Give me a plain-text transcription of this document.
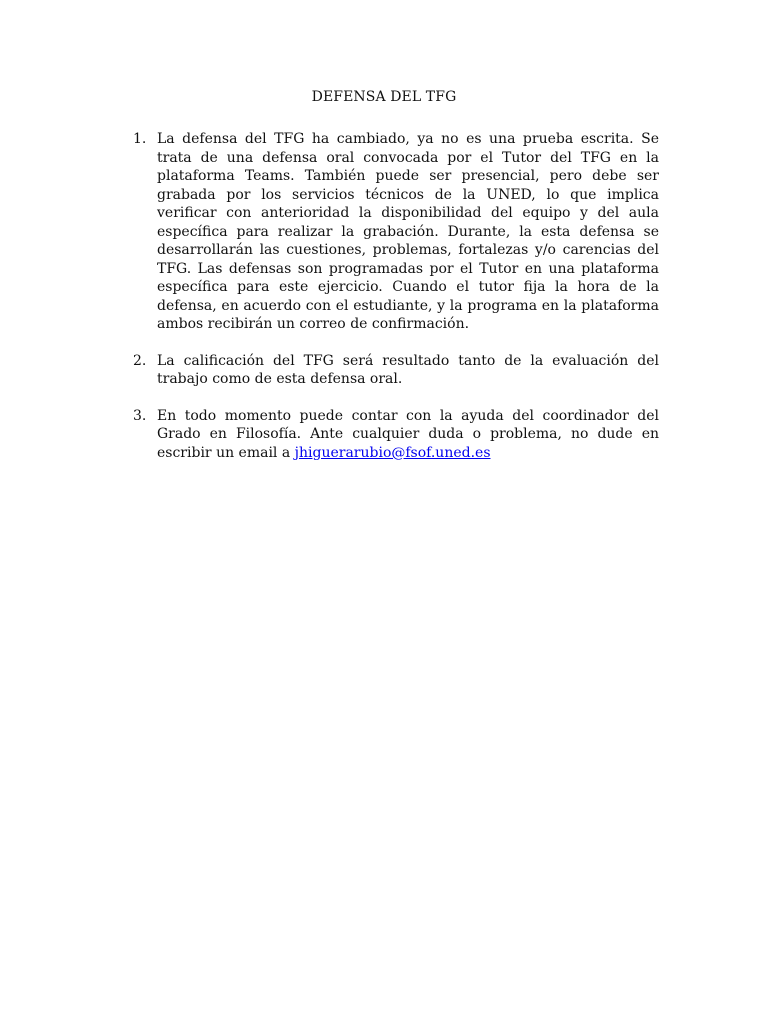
DEFENSA DEL TFG
1. La defensa del TFG ha cambiado, ya no es una prueba escrita. Se trata de una defensa oral convocada por el Tutor del TFG en la plataforma Teams. También puede ser presencial, pero debe ser grabada por los servicios técnicos de la UNED, lo que implica verificar con anterioridad la disponibilidad del equipo y del aula específica para realizar la grabación. Durante, la esta defensa se desarrollarán las cuestiones, problemas, fortalezas y/o carencias del TFG. Las defensas son programadas por el Tutor en una plataforma específica para este ejercicio. Cuando el tutor fija la hora de la defensa, en acuerdo con el estudiante, y la programa en la plataforma ambos recibirán un correo de confirmación.
2. La calificación del TFG será resultado tanto de la evaluación del trabajo como de esta defensa oral.
3. En todo momento puede contar con la ayuda del coordinador del Grado en Filosofía. Ante cualquier duda o problema, no dude en escribir un email a jhiguerarubio@fsof.uned.es
